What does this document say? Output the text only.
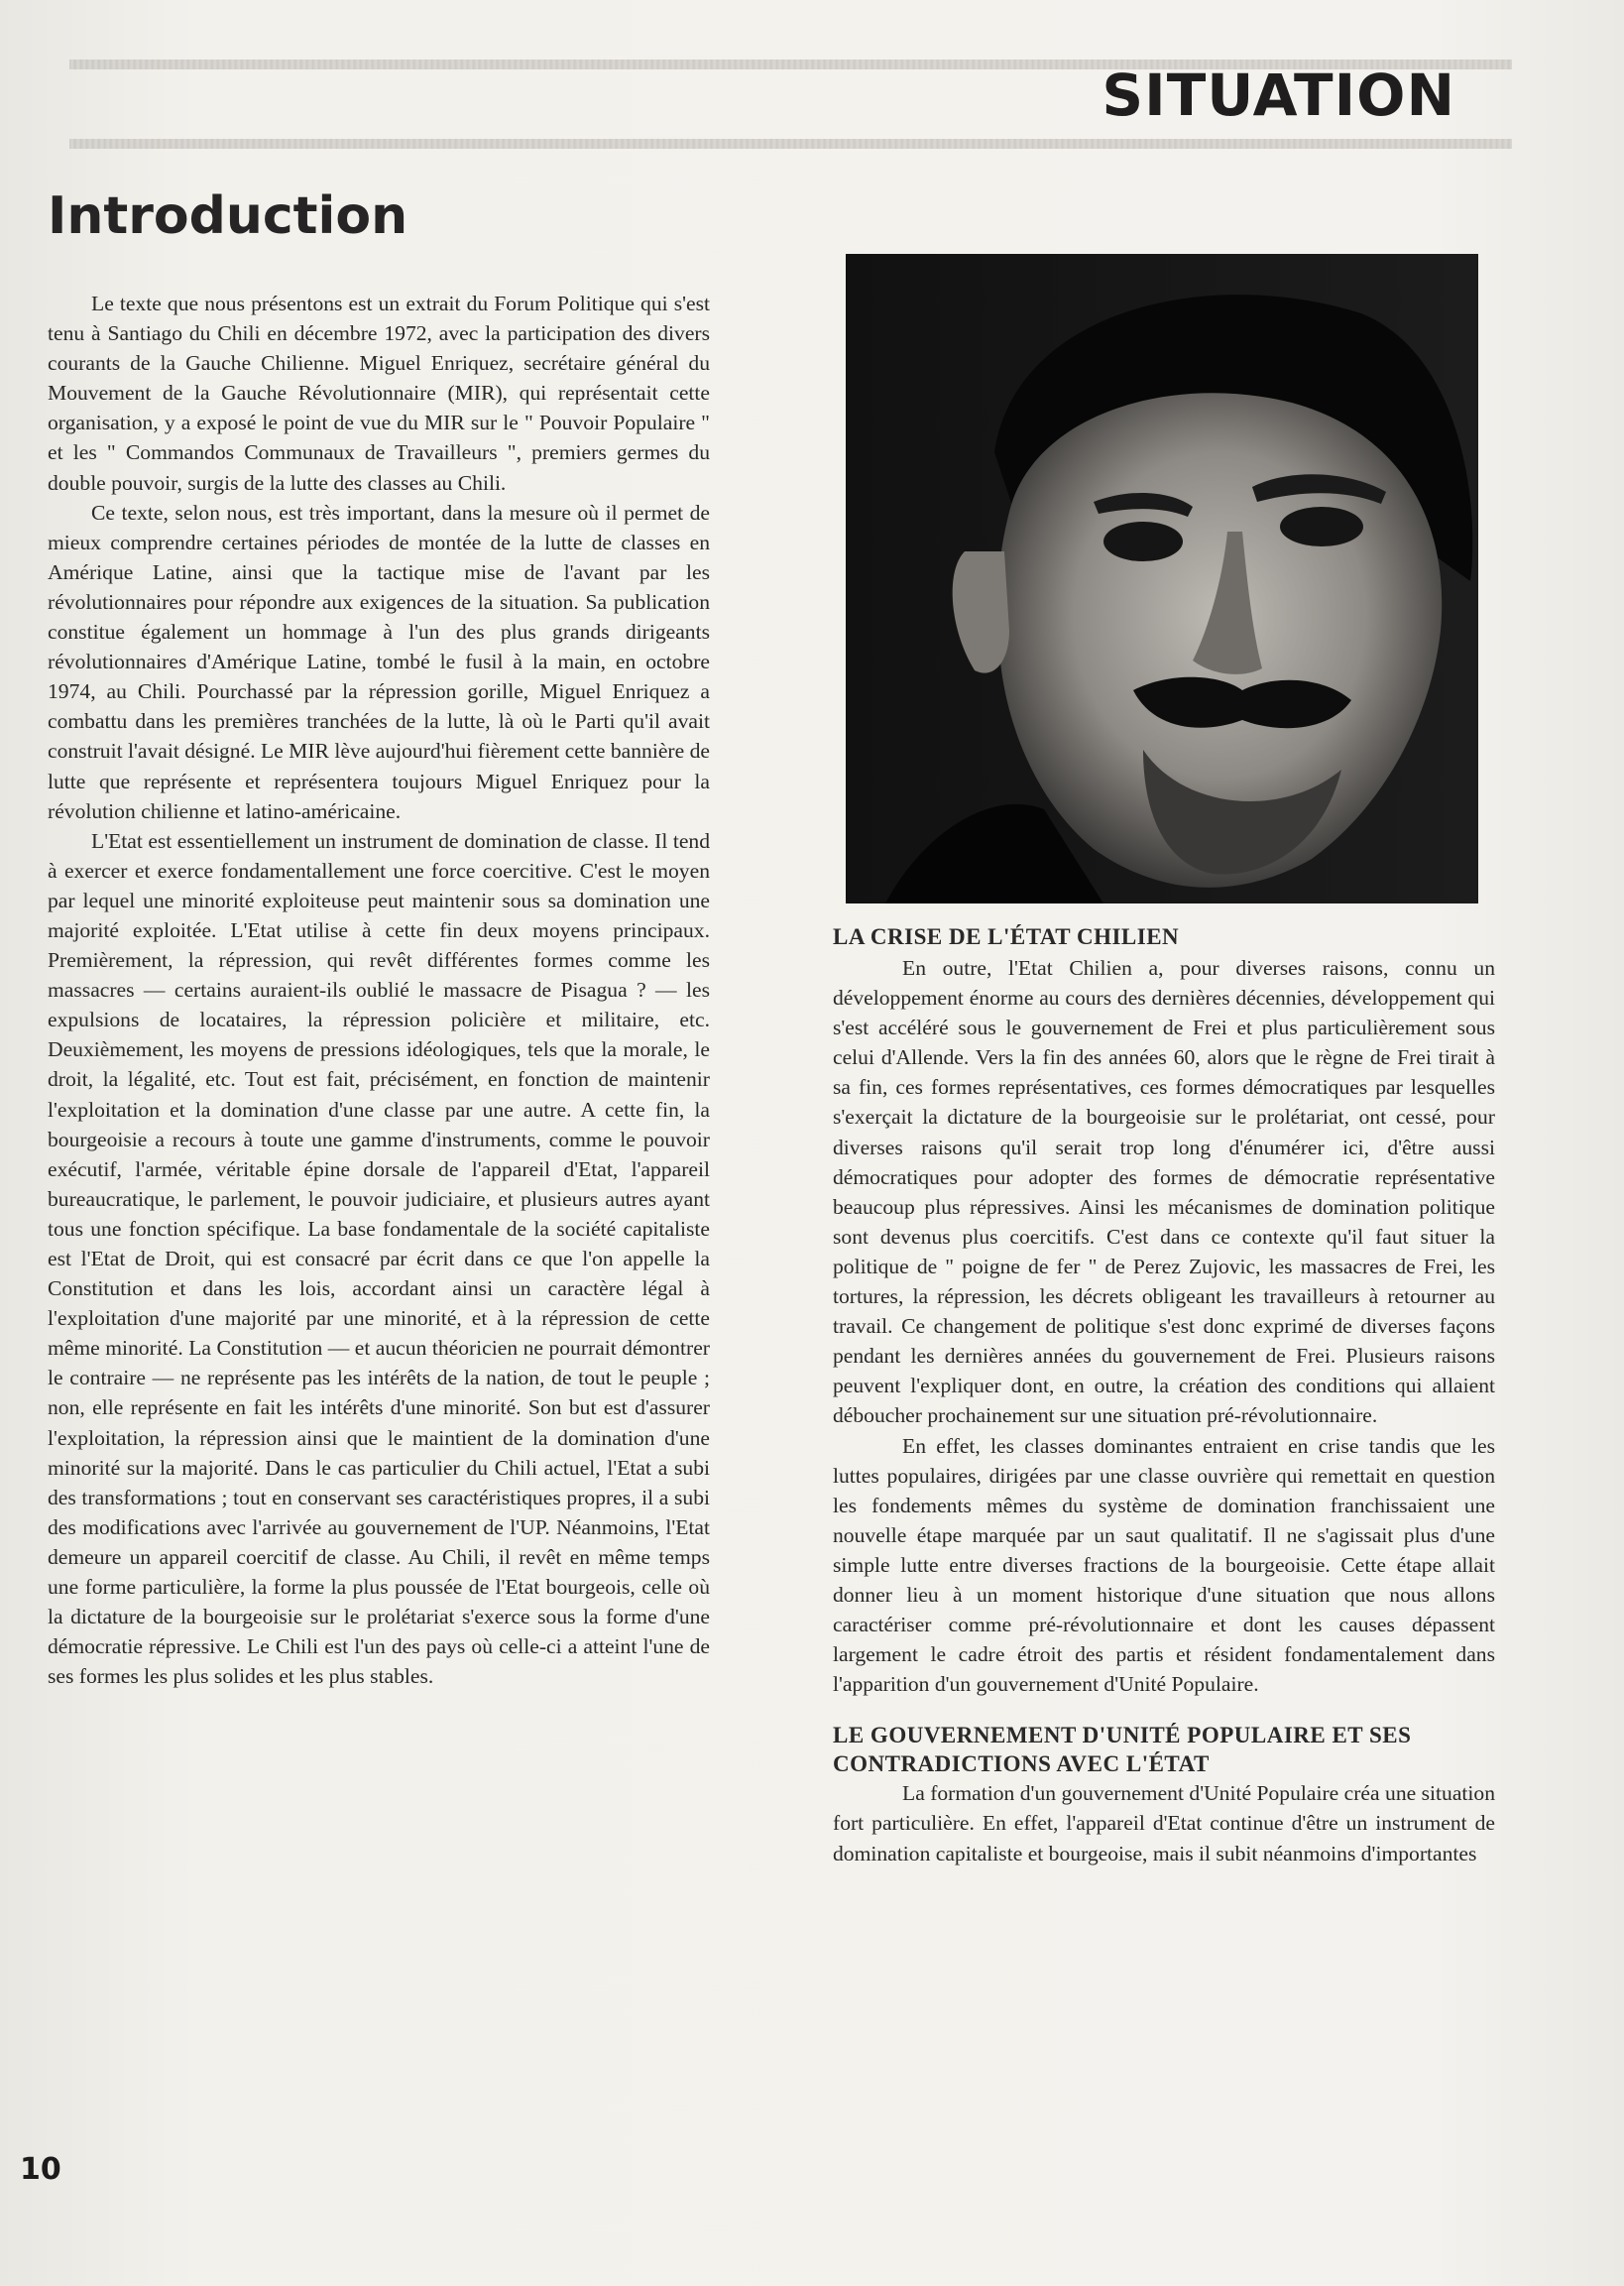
SITUATION
Introduction

Le texte que nous présentons est un extrait du Forum Politique qui s'est tenu à Santiago du Chili en décembre 1972, avec la participation des divers courants de la Gauche Chilienne. Miguel Enriquez, secrétaire général du Mouvement de la Gauche Révolutionnaire (MIR), qui représentait cette organisation, y a exposé le point de vue du MIR sur le " Pouvoir Populaire " et les " Commandos Communaux de Travailleurs ", premiers germes du double pouvoir, surgis de la lutte des classes au Chili.

Ce texte, selon nous, est très important, dans la mesure où il permet de mieux comprendre certaines périodes de montée de la lutte de classes en Amérique Latine, ainsi que la tactique mise de l'avant par les révolutionnaires pour répondre aux exigences de la situation. Sa publication constitue également un hommage à l'un des plus grands dirigeants révolutionnaires d'Amérique Latine, tombé le fusil à la main, en octobre 1974, au Chili. Pourchassé par la répression gorille, Miguel Enriquez a combattu dans les premières tranchées de la lutte, là où le Parti qu'il avait construit l'avait désigné. Le MIR lève aujourd'hui fièrement cette bannière de lutte que représente et représentera toujours Miguel Enriquez pour la révolution chilienne et latino-américaine.

L'Etat est essentiellement un instrument de domination de classe. Il tend à exercer et exerce fondamentallement une force coercitive. C'est le moyen par lequel une minorité exploiteuse peut maintenir sous sa domination une majorité exploitée. L'Etat utilise à cette fin deux moyens principaux. Premièrement, la répression, qui revêt différentes formes comme les massacres — certains auraient-ils oublié le massacre de Pisagua ? — les expulsions de locataires, la répression policière et militaire, etc. Deuxièmement, les moyens de pressions idéologiques, tels que la morale, le droit, la légalité, etc. Tout est fait, précisément, en fonction de maintenir l'exploitation et la domination d'une classe par une autre. A cette fin, la bourgeoisie a recours à toute une gamme d'instruments, comme le pouvoir exécutif, l'armée, véritable épine dorsale de l'appareil d'Etat, l'appareil bureaucratique, le parlement, le pouvoir judiciaire, et plusieurs autres ayant tous une fonction spécifique. La base fondamentale de la société capitaliste est l'Etat de Droit, qui est consacré par écrit dans ce que l'on appelle la Constitution et dans les lois, accordant ainsi un caractère légal à l'exploitation d'une majorité par une minorité, et à la répression de cette même minorité. La Constitution — et aucun théoricien ne pourrait démontrer le contraire — ne représente pas les intérêts de la nation, de tout le peuple ; non, elle représente en fait les intérêts d'une minorité. Son but est d'assurer l'exploitation, la répression ainsi que le maintient de la domination d'une minorité sur la majorité. Dans le cas particulier du Chili actuel, l'Etat a subi des transformations ; tout en conservant ses caractéristiques propres, il a subi des modifications avec l'arrivée au gouvernement de l'UP. Néanmoins, l'Etat demeure un appareil coercitif de classe. Au Chili, il revêt en même temps une forme particulière, la forme la plus poussée de l'Etat bourgeois, celle où la dictature de la bourgeoisie sur le prolétariat s'exerce sous la forme d'une démocratie répressive. Le Chili est l'un des pays où celle-ci a atteint l'une de ses formes les plus solides et les plus stables.

LA CRISE DE L'ÉTAT CHILIEN

En outre, l'Etat Chilien a, pour diverses raisons, connu un développement énorme au cours des dernières décennies, développement qui s'est accéléré sous le gouvernement de Frei et plus particulièrement sous celui d'Allende. Vers la fin des années 60, alors que le règne de Frei tirait à sa fin, ces formes représentatives, ces formes démocratiques par lesquelles s'exerçait la dictature de la bourgeoisie sur le prolétariat, ont cessé, pour diverses raisons qu'il serait trop long d'énumérer ici, d'être aussi démocratiques pour adopter des formes de démocratie représentative beaucoup plus répressives. Ainsi les mécanismes de domination politique sont devenus plus coercitifs. C'est dans ce contexte qu'il faut situer la politique de " poigne de fer " de Perez Zujovic, les massacres de Frei, les tortures, la répression, les décrets obligeant les travailleurs à retourner au travail. Ce changement de politique s'est donc exprimé de diverses façons pendant les dernières années du gouvernement de Frei. Plusieurs raisons peuvent l'expliquer dont, en outre, la création des conditions qui allaient déboucher prochainement sur une situation pré-révolutionnaire.

En effet, les classes dominantes entraient en crise tandis que les luttes populaires, dirigées par une classe ouvrière qui remettait en question les fondements mêmes du système de domination franchissaient une nouvelle étape marquée par un saut qualitatif. Il ne s'agissait plus d'une simple lutte entre diverses fractions de la bourgeoisie. Cette étape allait donner lieu à un moment historique d'une situation que nous allons caractériser comme pré-révolutionnaire et dont les causes dépassent largement le cadre étroit des partis et résident fondamentalement dans l'apparition d'un gouvernement d'Unité Populaire.

LE GOUVERNEMENT D'UNITÉ POPULAIRE ET SES CONTRADICTIONS AVEC L'ÉTAT

La formation d'un gouvernement d'Unité Populaire créa une situation fort particulière. En effet, l'appareil d'Etat continue d'être un instrument de domination capitaliste et bourgeoise, mais il subit néanmoins d'importantes

10
